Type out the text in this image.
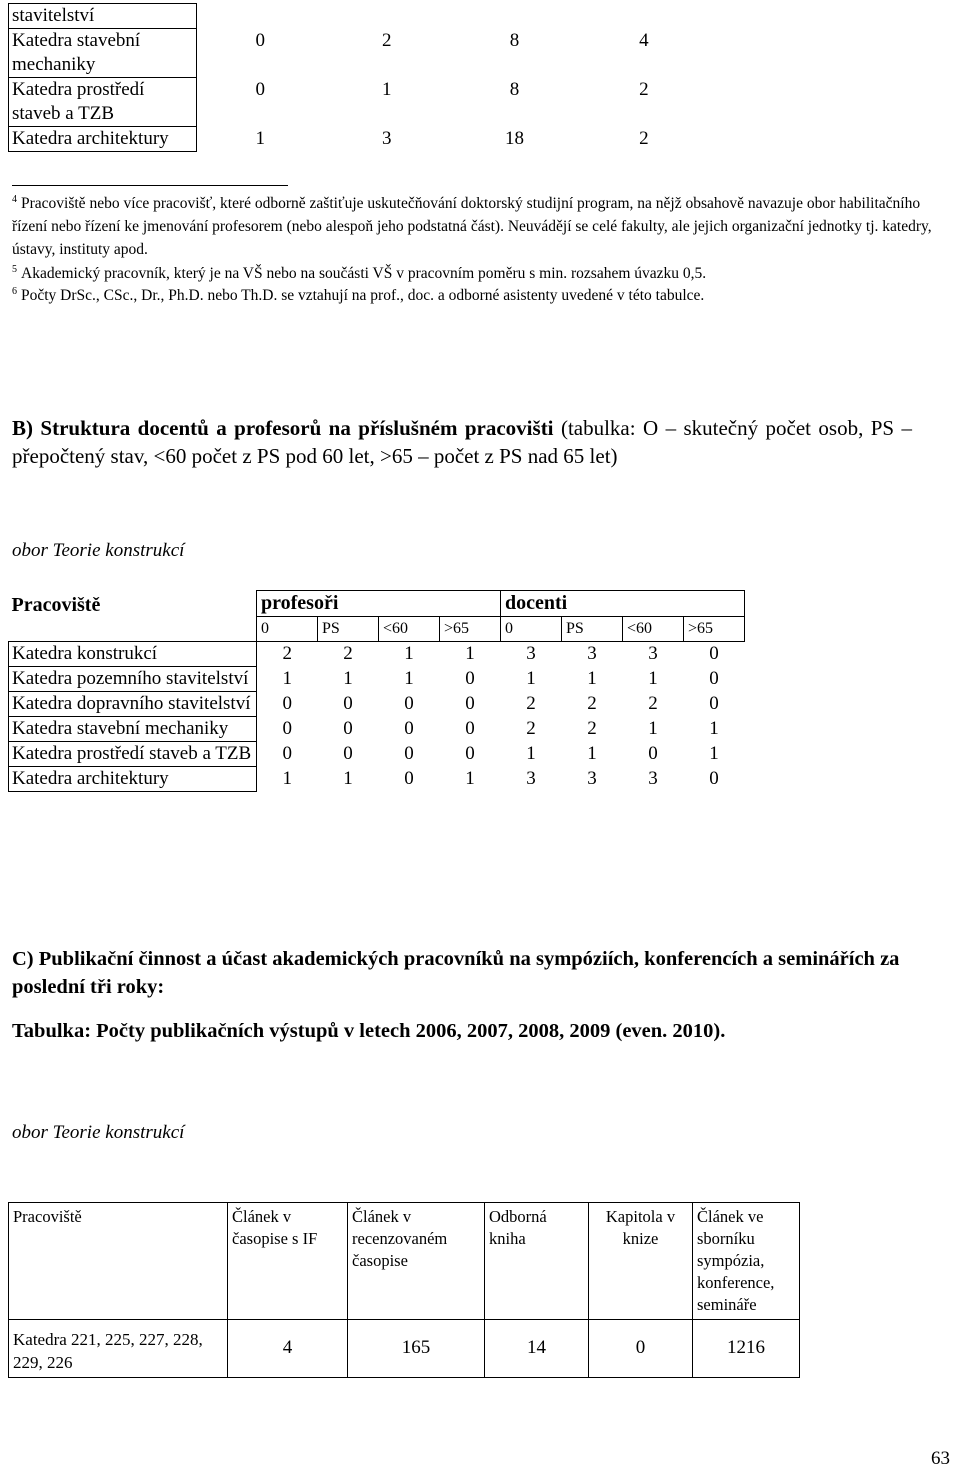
stavitelství				
Katedra stavební mechaniky	0	2	8	4
Katedra prostředí staveb a TZB	0	1	8	2
Katedra architektury	1	3	18	2
$^4$ Pracoviště nebo více pracovišť, které odborně zaštiťuje uskutečňování doktorský studijní program, na nějž obsahově navazuje obor habilitačního řízení nebo řízení ke jmenování profesorem (nebo alespoň jeho podstatná část). Neuvádějí se celé fakulty, ale jejich organizační jednotky tj. katedry, ústavy, instituty apod.
$^5$ Akademický pracovník, který je na VŠ nebo na součásti VŠ v pracovním poměru s min. rozsahem úvazku 0,5.
$^6$ Počty DrSc., CSc., Dr., Ph.D. nebo Th.D. se vztahují na prof., doc. a odborné asistenty uvedené v této tabulce.
B) Struktura docentů a profesorů na příslušném pracovišti (tabulka: O – skutečný počet osob, PS – přepočtený stav, <60 počet z PS pod 60 let, >65 – počet z PS nad 65 let)
obor Teorie konstrukcí
Pracoviště	profesoři				docenti			
	0	PS	<60	>65	0	PS	<60	>65
Katedra konstrukcí	2	2	1	1	3	3	3	0
Katedra pozemního stavitelství	1	1	1	0	1	1	1	0
Katedra dopravního stavitelství	0	0	0	0	2	2	2	0
Katedra stavební mechaniky	0	0	0	0	2	2	1	1
Katedra prostředí staveb a TZB	0	0	0	0	1	1	0	1
Katedra architektury	1	1	0	1	3	3	3	0
C) Publikační činnost a účast akademických pracovníků na sympóziích, konferencích a seminářích za poslední tři roky:
Tabulka: Počty publikačních výstupů v letech 2006, 2007, 2008, 2009 (even. 2010).
obor Teorie konstrukcí
Pracoviště	Článek v časopise s IF	Článek v recenzovaném časopise	Odborná kniha	Kapitola v knize	Článek ve sborníku sympózia, konference, semináře
Katedra 221, 225, 227, 228, 229, 226	4	165	14	0	1216
63
